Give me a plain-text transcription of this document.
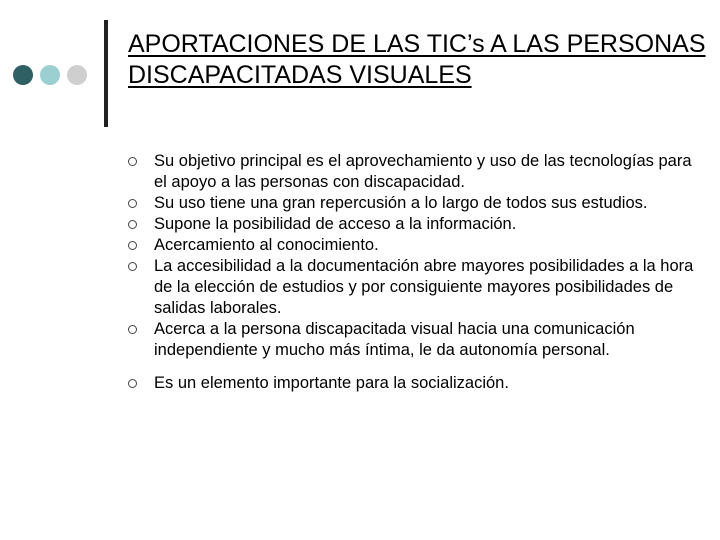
APORTACIONES DE LAS TIC’s A LAS PERSONAS DISCAPACITADAS VISUALES
Su objetivo principal es el aprovechamiento y uso de las tecnologías para el apoyo a las personas con discapacidad.
Su uso tiene una gran repercusión a lo largo de todos sus estudios.
Supone la posibilidad de acceso a la información.
Acercamiento al conocimiento.
La accesibilidad a la documentación abre mayores posibilidades a la hora de la elección de estudios y por consiguiente mayores posibilidades de salidas laborales.
Acerca a la persona discapacitada visual hacia una comunicación independiente y mucho más íntima, le da autonomía personal.
Es un elemento importante para la socialización.
